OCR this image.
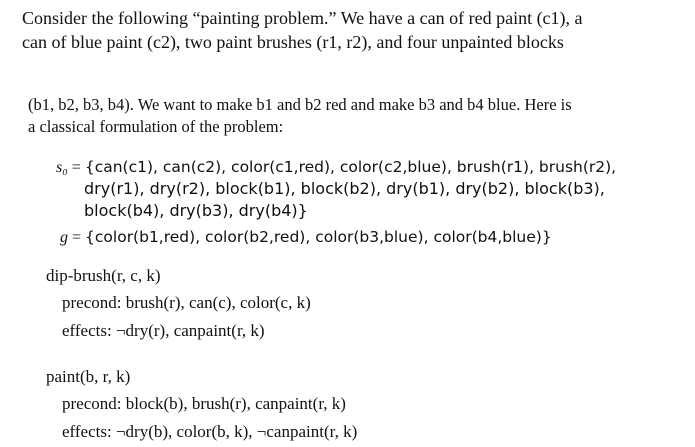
Consider the following “painting problem.” We have a can of red paint (c1), a
can of blue paint (c2), two paint brushes (r1, r2), and four unpainted blocks
(b1, b2, b3, b4). We want to make b1 and b2 red and make b3 and b4 blue. Here is
a classical formulation of the problem:
s₀ = {can(c1), can(c2), color(c1,red), color(c2,blue), brush(r1), brush(r2),
dry(r1), dry(r2), block(b1), block(b2), dry(b1), dry(b2), block(b3),
block(b4), dry(b3), dry(b4)}
g = {color(b1,red), color(b2,red), color(b3,blue), color(b4,blue)}
dip-brush(r, c, k)
precond: brush(r), can(c), color(c, k)
effects: ¬dry(r), canpaint(r, k)
paint(b, r, k)
precond: block(b), brush(r), canpaint(r, k)
effects: ¬dry(b), color(b, k), ¬canpaint(r, k)
